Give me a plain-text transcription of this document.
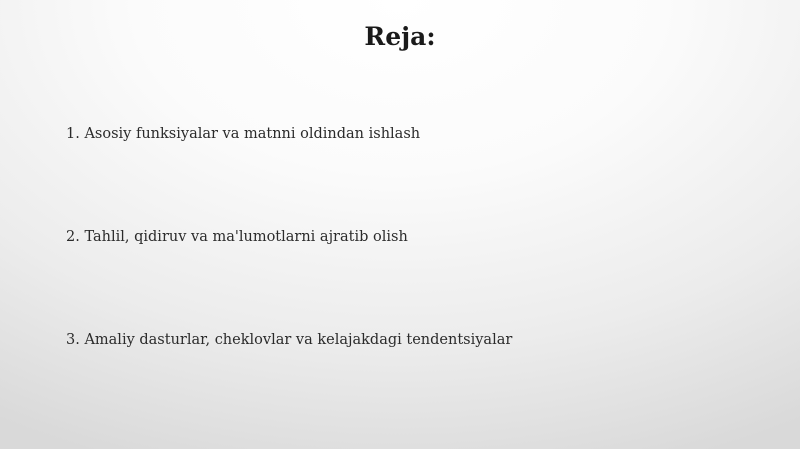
Reja:
1. Asosiy funksiyalar va matnni oldindan ishlash
2. Tahlil, qidiruv va ma'lumotlarni ajratib olish
3. Amaliy dasturlar, cheklovlar va kelajakdagi tendentsiyalar
